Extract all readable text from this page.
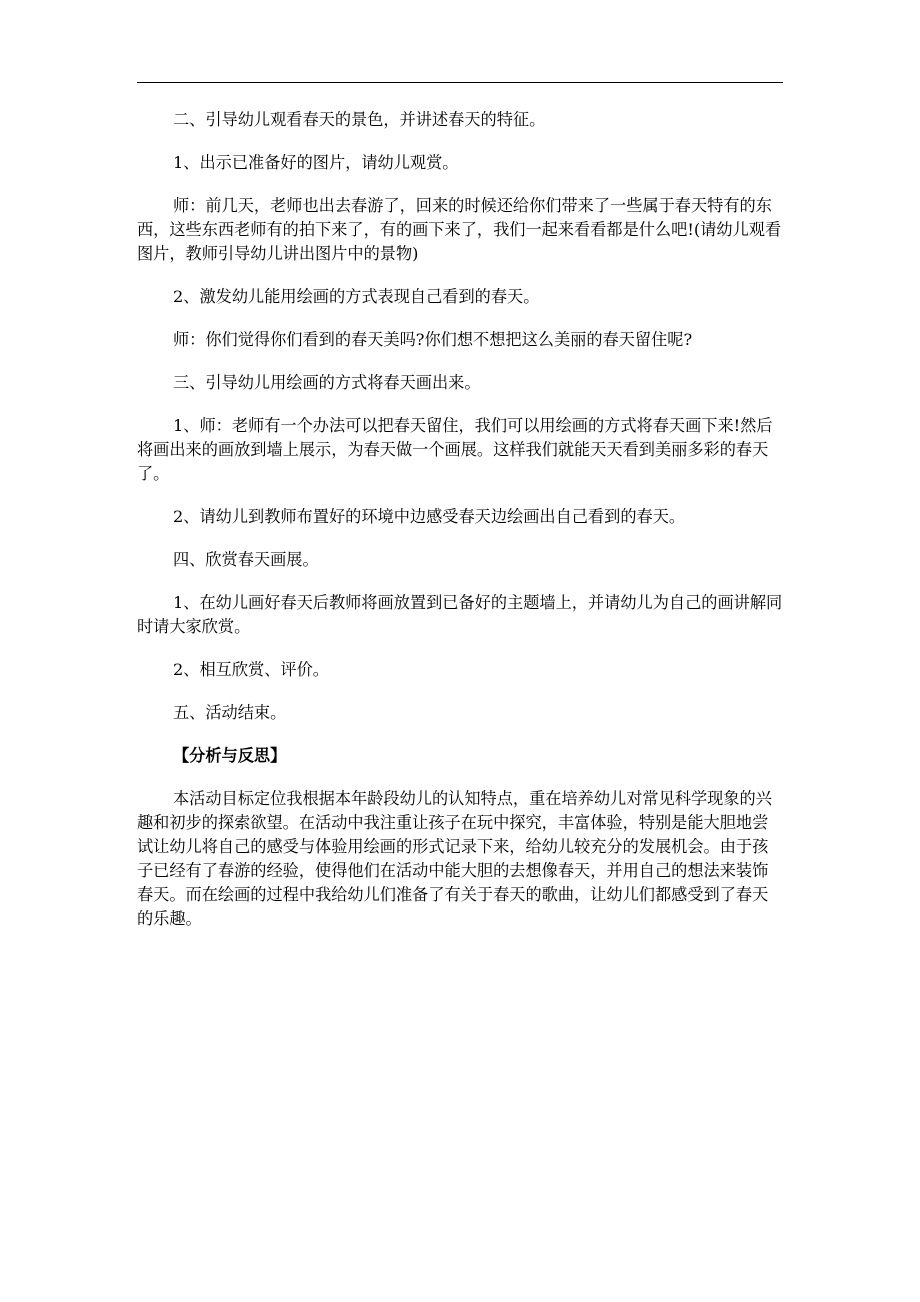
二、引导幼儿观看春天的景色，并讲述春天的特征。

1、出示已准备好的图片，请幼儿观赏。

师：前几天，老师也出去春游了，回来的时候还给你们带来了一些属于春天特有的东西，这些东西老师有的拍下来了，有的画下来了，我们一起来看看都是什么吧!(请幼儿观看图片，教师引导幼儿讲出图片中的景物)

2、激发幼儿能用绘画的方式表现自己看到的春天。

师：你们觉得你们看到的春天美吗?你们想不想把这么美丽的春天留住呢?

三、引导幼儿用绘画的方式将春天画出来。

1、师：老师有一个办法可以把春天留住，我们可以用绘画的方式将春天画下来!然后将画出来的画放到墙上展示，为春天做一个画展。这样我们就能天天看到美丽多彩的春天了。

2、请幼儿到教师布置好的环境中边感受春天边绘画出自己看到的春天。

四、欣赏春天画展。

1、在幼儿画好春天后教师将画放置到已备好的主题墙上，并请幼儿为自己的画讲解同时请大家欣赏。

2、相互欣赏、评价。

五、活动结束。

【分析与反思】

本活动目标定位我根据本年龄段幼儿的认知特点，重在培养幼儿对常见科学现象的兴趣和初步的探索欲望。在活动中我注重让孩子在玩中探究，丰富体验，特别是能大胆地尝试让幼儿将自己的感受与体验用绘画的形式记录下来，给幼儿较充分的发展机会。由于孩子已经有了春游的经验，使得他们在活动中能大胆的去想像春天，并用自己的想法来装饰春天。而在绘画的过程中我给幼儿们准备了有关于春天的歌曲，让幼儿们都感受到了春天的乐趣。
